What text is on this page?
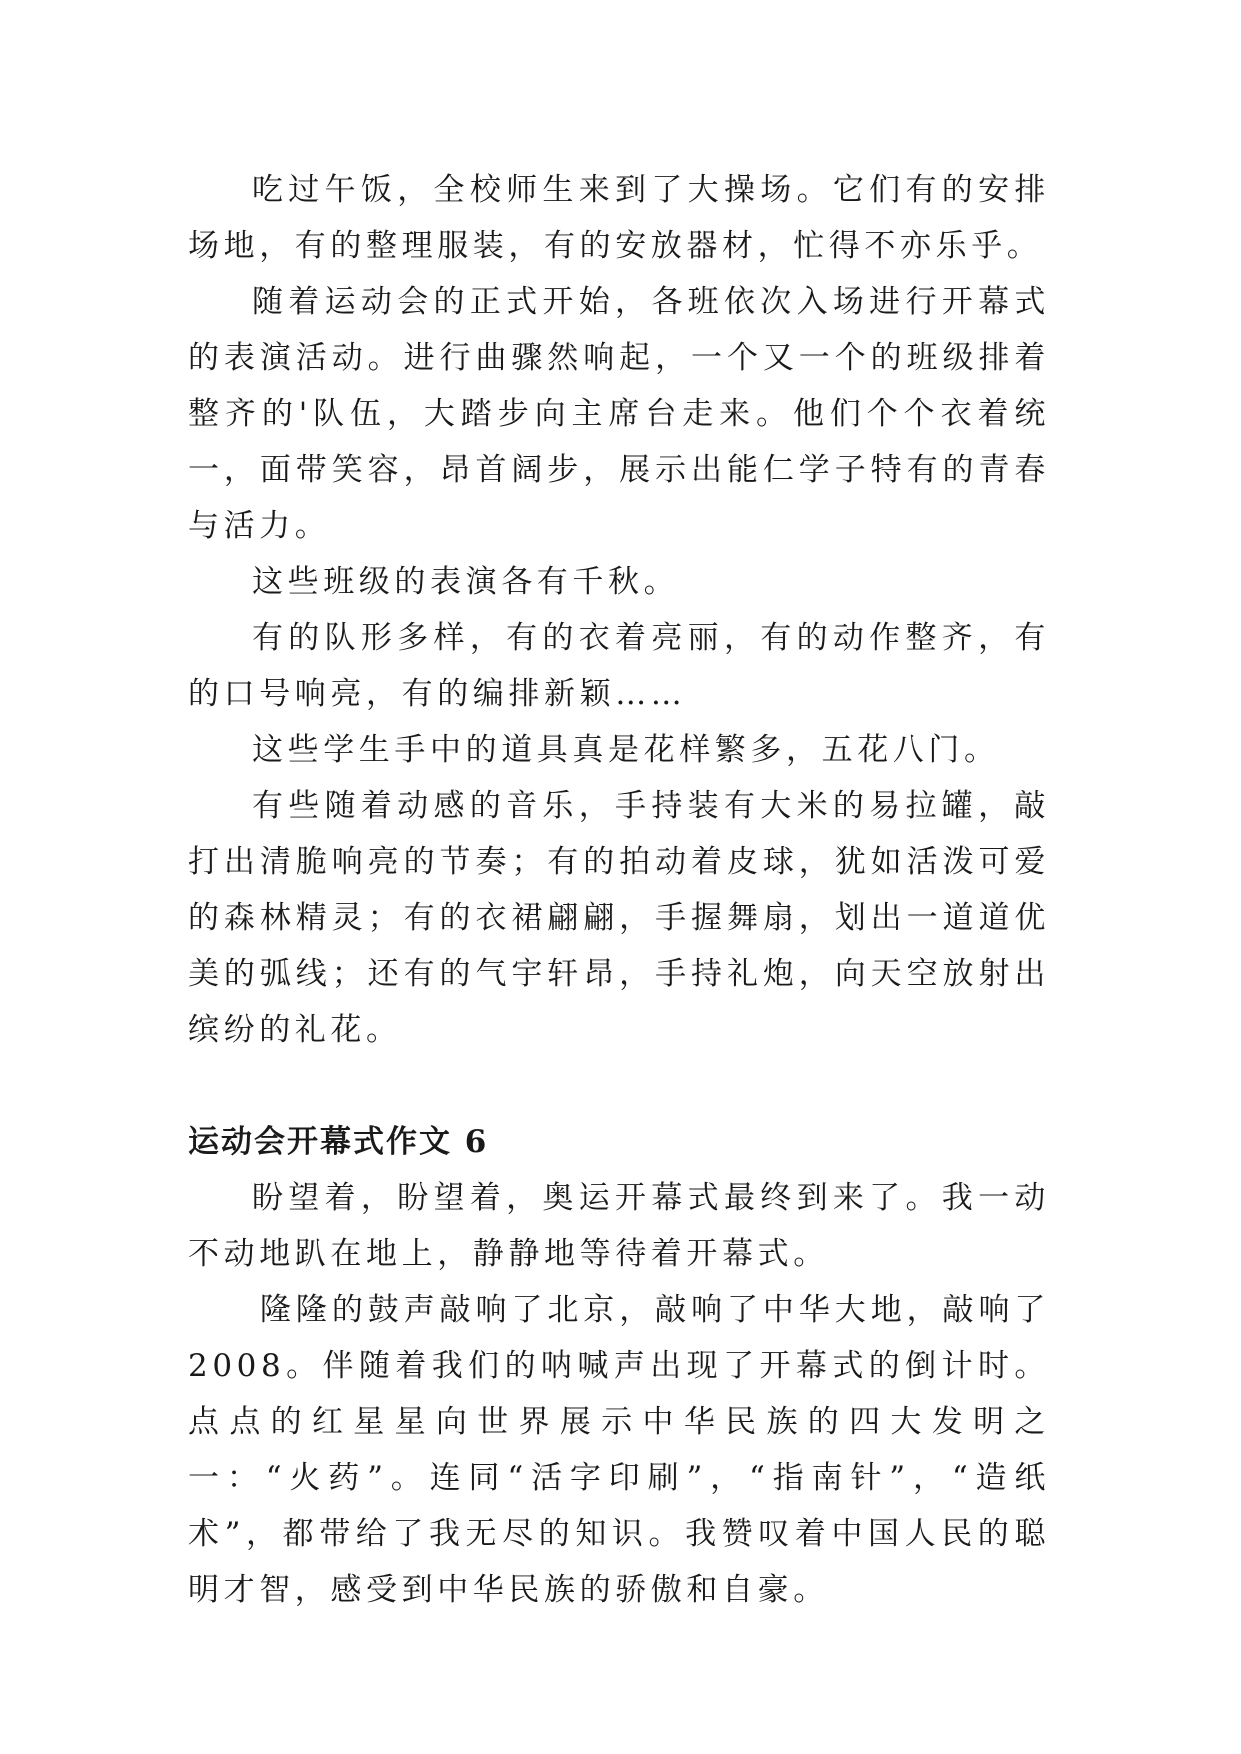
吃过午饭，全校师生来到了大操场。它们有的安排场地，有的整理服装，有的安放器材，忙得不亦乐乎。

随着运动会的正式开始，各班依次入场进行开幕式的表演活动。进行曲骤然响起，一个又一个的班级排着整齐的'队伍，大踏步向主席台走来。他们个个衣着统一，面带笑容，昂首阔步，展示出能仁学子特有的青春与活力。

这些班级的表演各有千秋。

有的队形多样，有的衣着亮丽，有的动作整齐，有的口号响亮，有的编排新颖……

这些学生手中的道具真是花样繁多，五花八门。

有些随着动感的音乐，手持装有大米的易拉罐，敲打出清脆响亮的节奏；有的拍动着皮球，犹如活泼可爱的森林精灵；有的衣裙翩翩，手握舞扇，划出一道道优美的弧线；还有的气宇轩昂，手持礼炮，向天空放射出缤纷的礼花。

运动会开幕式作文 6

盼望着，盼望着，奥运开幕式最终到来了。我一动不动地趴在地上，静静地等待着开幕式。

隆隆的鼓声敲响了北京，敲响了中华大地，敲响了2008。伴随着我们的呐喊声出现了开幕式的倒计时。点点的红星星向世界展示中华民族的四大发明之一：“火药”。连同“活字印刷”，“指南针”，“造纸术”，都带给了我无尽的知识。我赞叹着中国人民的聪明才智，感受到中华民族的骄傲和自豪。
